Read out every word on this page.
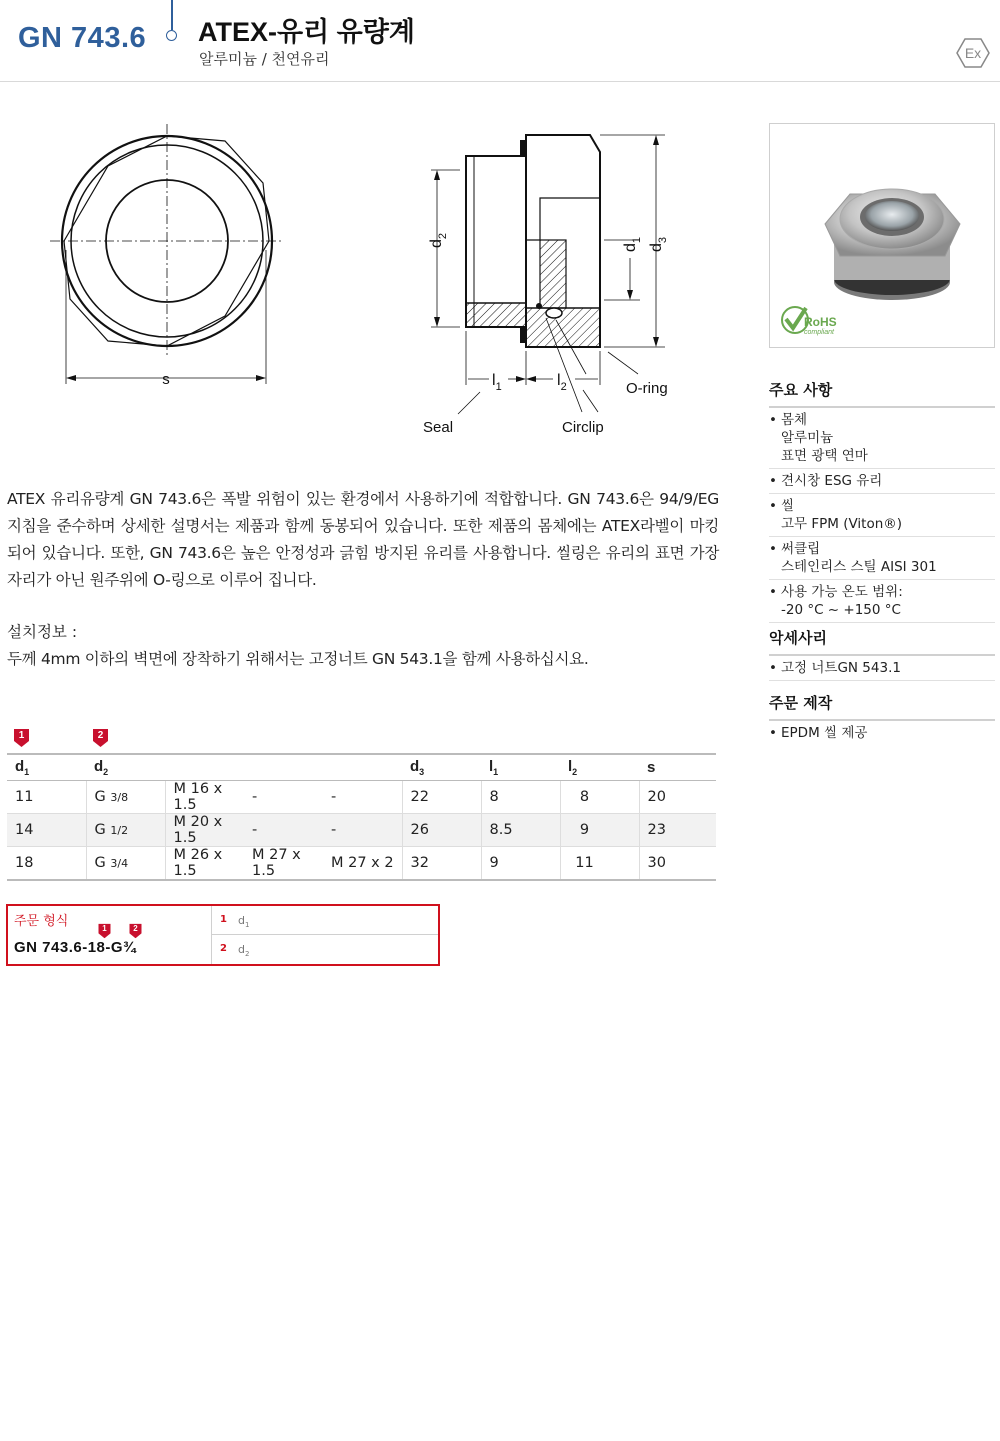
GN 743.6 ATEX-유리 유량계
알루미늄 / 천연유리	Ex
s
$d_2$
$d_1$
$d_3$
$l_1$	$l_2$	O-ring
Seal	Circlip
RoHS
compliant
주요 사항
• 몸체
알루미늄
표면 광택 연마
• 견시창 ESG 유리
• 씰
고무 FPM (Viton®)
• 써클립
스테인리스 스틸 AISI 301
• 사용 가능 온도 범위:
-20 °C ~ +150 °C
악세사리
• 고정 너트GN 543.1
주문 제작
• EPDM 씰 제공
ATEX 유리유량계 GN 743.6은 폭발 위험이 있는 환경에서 사용하기에 적합합니다. GN 743.6은 94/9/EG 지침을 준수하며 상세한 설명서는 제품과 함께 동봉되어 있습니다. 또한 제품의 몸체에는 ATEX라벨이 마킹되어 있습니다. 또한, GN 743.6은 높은 안정성과 긁힘 방지된 유리를 사용합니다. 씰링은 유리의 표면 가장자리가 아닌 원주위에 O-링으로 이루어 집니다.
설치정보 :
두께 4mm 이하의 벽면에 장착하기 위해서는 고정너트 GN 543.1을 함께 사용하십시요.
1	2
$d_1$	$d_2$				$d_3$	$l_1$	$l_2$	s
11	G 3/8	M 16 x 1.5	-	-	22	8	8	20
14	G 1/2	M 20 x 1.5	-	-	26	8.5	9	23
18	G 3/4	M 26 x 1.5	M 27 x 1.5	M 27 x 2	32	9	11	30
주문 형식	1	2
GN 743.6-18-G¾
1 $d_1$
2 $d_2$
